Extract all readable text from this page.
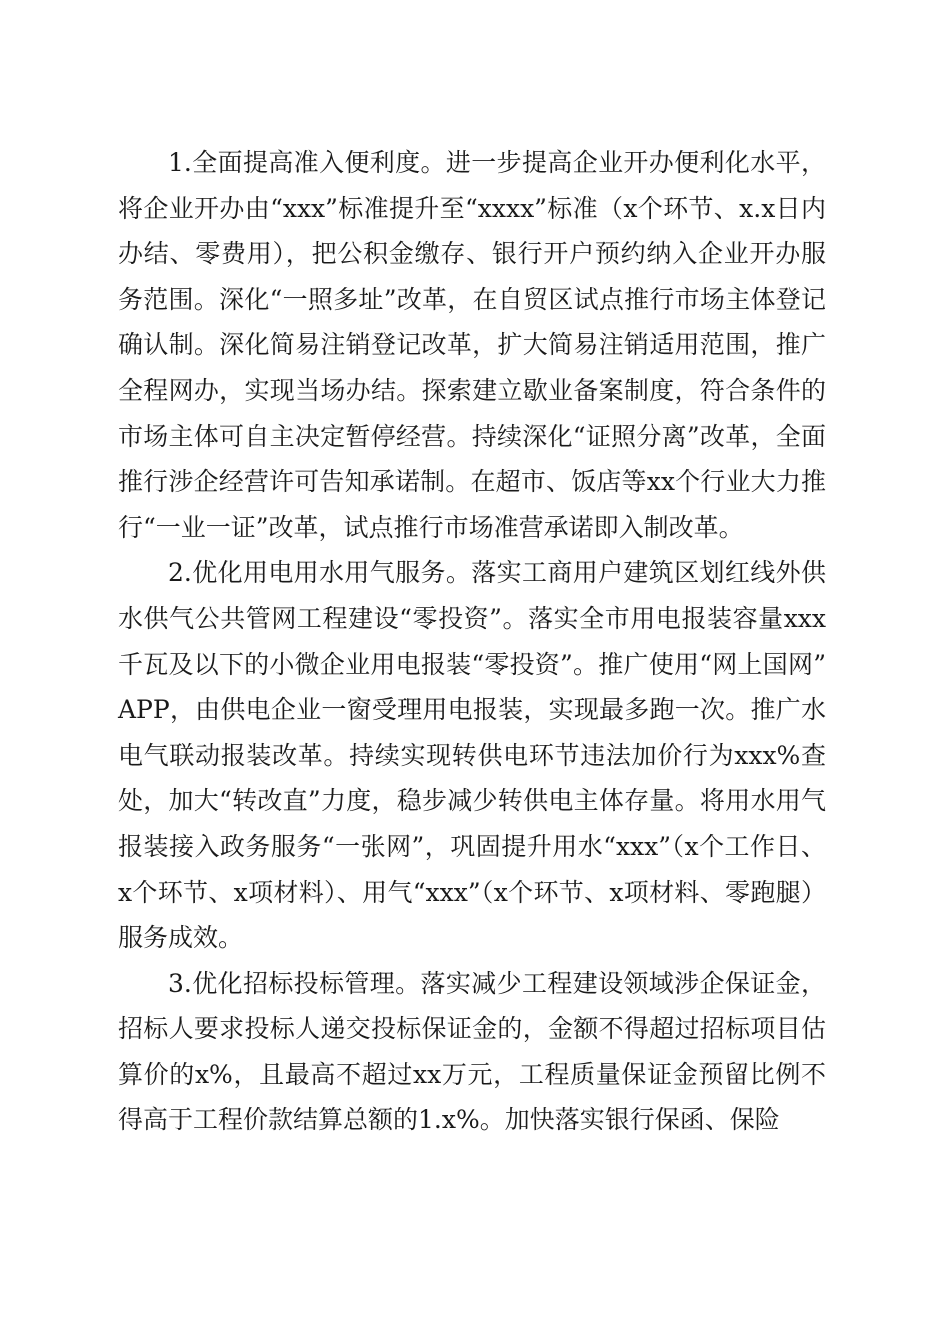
1.全面提高准入便利度。进一步提高企业开办便利化水平，将企业开办由“xxx”标准提升至“xxxx”标准（x个环节、x.x日内办结、零费用），把公积金缴存、银行开户预约纳入企业开办服务范围。深化“一照多址”改革，在自贸区试点推行市场主体登记确认制。深化简易注销登记改革，扩大简易注销适用范围，推广全程网办，实现当场办结。探索建立歇业备案制度，符合条件的市场主体可自主决定暂停经营。持续深化“证照分离”改革，全面推行涉企经营许可告知承诺制。在超市、饭店等xx个行业大力推行“一业一证”改革，试点推行市场准营承诺即入制改革。

2.优化用电用水用气服务。落实工商用户建筑区划红线外供水供气公共管网工程建设“零投资”。落实全市用电报装容量xxx千瓦及以下的小微企业用电报装“零投资”。推广使用“网上国网”APP，由供电企业一窗受理用电报装，实现最多跑一次。推广水电气联动报装改革。持续实现转供电环节违法加价行为xxx%查处，加大“转改直”力度，稳步减少转供电主体存量。将用水用气报装接入政务服务“一张网”，巩固提升用水“xxx”（x个工作日、x个环节、x项材料）、用气“xxx”（x个环节、x项材料、零跑腿）服务成效。

3.优化招标投标管理。落实减少工程建设领域涉企保证金，招标人要求投标人递交投标保证金的，金额不得超过招标项目估算价的x%，且最高不超过xx万元，工程质量保证金预留比例不得高于工程价款结算总额的1.x%。加快落实银行保函、保险
